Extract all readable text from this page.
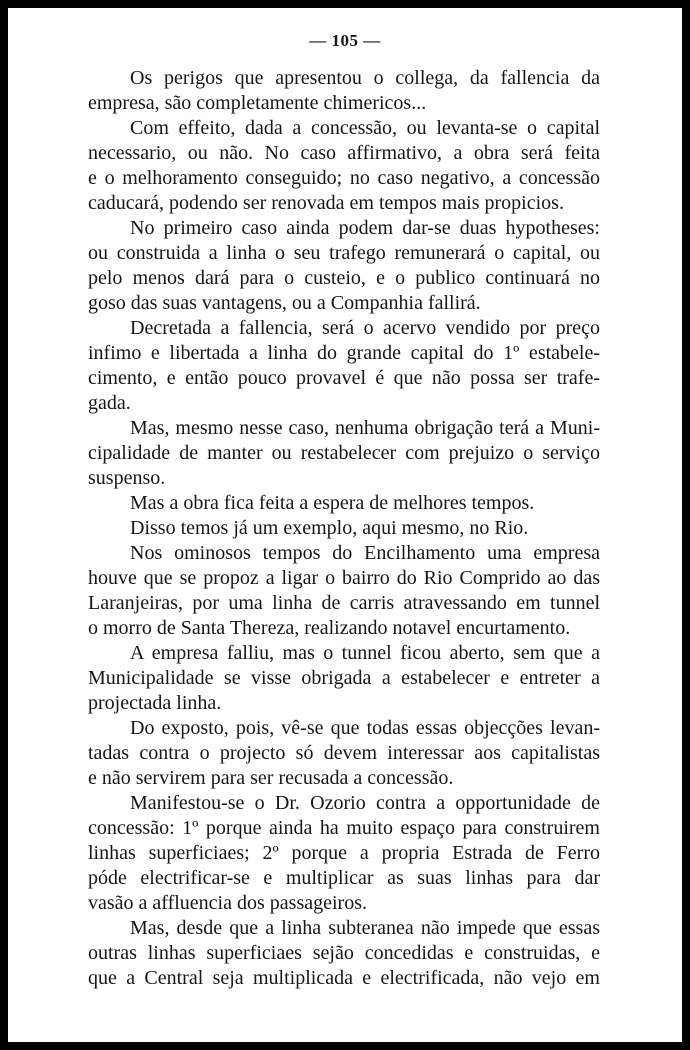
— 105 —
Os perigos que apresentou o collega, da fallencia da
empresa, são completamente chimericos...
Com effeito, dada a concessão, ou levanta-se o capital
necessario, ou não. No caso affirmativo, a obra será feita
e o melhoramento conseguido; no caso negativo, a concessão
caducará, podendo ser renovada em tempos mais propicios.
No primeiro caso ainda podem dar-se duas hypotheses:
ou construida a linha o seu trafego remunerará o capital, ou
pelo menos dará para o custeio, e o publico continuará no
goso das suas vantagens, ou a Companhia fallirá.
Decretada a fallencia, será o acervo vendido por preço
infimo e libertada a linha do grande capital do 1º estabele-
cimento, e então pouco provavel é que não possa ser trafe-
gada.
Mas, mesmo nesse caso, nenhuma obrigação terá a Muni-
cipalidade de manter ou restabelecer com prejuizo o serviço
suspenso.
Mas a obra fica feita a espera de melhores tempos.
Disso temos já um exemplo, aqui mesmo, no Rio.
Nos ominosos tempos do Encilhamento uma empresa
houve que se propoz a ligar o bairro do Rio Comprido ao das
Laranjeiras, por uma linha de carris atravessando em tunnel
o morro de Santa Thereza, realizando notavel encurtamento.
A empresa falliu, mas o tunnel ficou aberto, sem que a
Municipalidade se visse obrigada a estabelecer e entreter a
projectada linha.
Do exposto, pois, vê-se que todas essas objecções levan-
tadas contra o projecto só devem interessar aos capitalistas
e não servirem para ser recusada a concessão.
Manifestou-se o Dr. Ozorio contra a opportunidade de
concessão: 1º porque ainda ha muito espaço para construirem
linhas superficiaes; 2º porque a propria Estrada de Ferro
póde electrificar-se e multiplicar as suas linhas para dar
vasão a affluencia dos passageiros.
Mas, desde que a linha subteranea não impede que essas
outras linhas superficiaes sejão concedidas e construidas, e
que a Central seja multiplicada e electrificada, não vejo em
